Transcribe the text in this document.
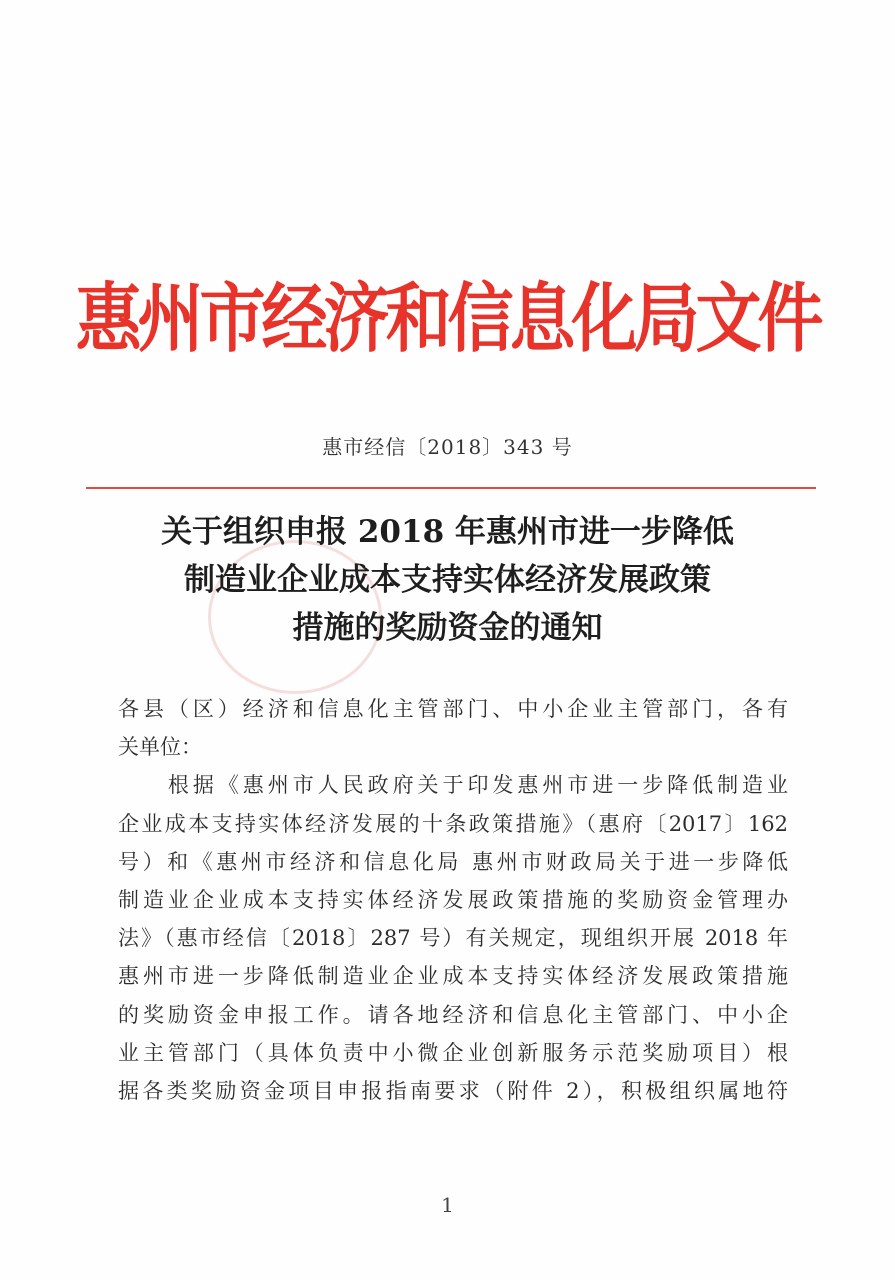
惠州市经济和信息化局文件
惠市经信〔2018〕343 号
关于组织申报 2018 年惠州市进一步降低
制造业企业成本支持实体经济发展政策
措施的奖励资金的通知
各县（区）经济和信息化主管部门、中小企业主管部门，各有
关单位：
　　根据《惠州市人民政府关于印发惠州市进一步降低制造业
企业成本支持实体经济发展的十条政策措施》（惠府〔2017〕162
号）和《惠州市经济和信息化局 惠州市财政局关于进一步降低
制造业企业成本支持实体经济发展政策措施的奖励资金管理办
法》（惠市经信〔2018〕287 号）有关规定，现组织开展 2018 年
惠州市进一步降低制造业企业成本支持实体经济发展政策措施
的奖励资金申报工作。请各地经济和信息化主管部门、中小企
业主管部门（具体负责中小微企业创新服务示范奖励项目）根
据各类奖励资金项目申报指南要求（附件 2），积极组织属地符
1
